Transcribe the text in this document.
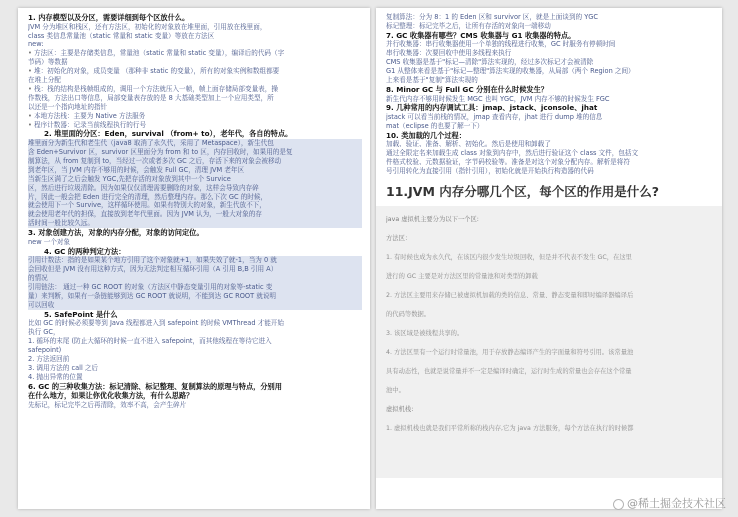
1. 内存模型以及分区，需要详细到每个区放什么。
JVM 分为堆区和栈区，还有方法区，初始化的对象放在堆里面，引用放在栈里面，
class 类信息常量池（static 常量和 static 变量）等放在方法区
new:
• 方法区：主要是存储类信息，常量池（static 常量和 static 变量），编译后的代码（字
节码）等数据
• 堆：初始化的对象，成员变量 （那种非 static 的变量），所有的对象实例和数组都要
在堆上分配
• 栈：栈的结构是栈帧组成的，调用一个方法就压入一帧，帧上面存储局部变量表，操
作数栈，方法出口等信息，局部变量表存放的是 8 大基础类型加上一个应用类型，所
以还是一个指向地址的指针
• 本地方法栈：主要为 Native 方法服务
• 程序计数器：记录当前线程执行的行号
2. 堆里面的分区：Eden，survival （from+ to），老年代，各自的特点。
堆里面分为新生代和老生代（java8 取消了永久代，采用了 Metaspace），新生代包
含 Eden+Survivor 区，survivor 区里面分为 from 和 to 区，内存回收时，如果用的是复
制算法，从 from 复制到 to，当经过一次或者多次 GC 之后，存活下来的对象会被移动
到老年区，当 JVM 内存不够用的时候，会触发 Full GC，清理 JVM 老年区
当新生区满了之后会触发 YGC,先把存活的对象放到其中一个 Survice
区，然后进行垃圾清除。因为如果仅仅清理需要删除的对象，这样会导致内存碎
片，因此一般会把 Eden 进行完全的清理，然后整理内存。那么下次 GC 的时候，
就会使用下一个 Survive，这样循环使用。如果有特别大的对象，新生代放不下，
就会使用老年代的担保，直接放到老年代里面。因为 JVM 认为，一般大对象的存
活时间一般比较久远。
3. 对象创建方法，对象的内存分配，对象的访问定位。
new 一个对象
4. GC 的两种判定方法：
引用计数法：指的是如果某个地方引用了这个对象就+1，如果失效了就-1，当为 0 就
会回收但是 JVM 没有用这种方式，因为无法判定相互循环引用（A 引用 B,B 引用 A）
的情况
引用链法： 通过一种 GC ROOT 的对象（方法区中静态变量引用的对象等-static 变
量）来判断，如果有一条链能够到达 GC ROOT 就说明，不能到达 GC ROOT 就说明
可以回收
5. SafePoint 是什么
比如 GC 的时候必须要等到 Java 线程都进入到 safepoint 的时候 VMThread 才能开始
执行 GC，
1. 循环的末尾 (防止大循环的时候一直不进入 safepoint，而其他线程在等待它进入
safepoint)
2. 方法返回前
3. 调用方法的 call 之后
4. 抛出异常的位置
6. GC 的三种收集方法：标记清除、标记整理、复制算法的原理与特点，分别用
在什么地方，如果让你优化收集方法，有什么思路？
先标记，标记完毕之后再清除，效率不高，会产生碎片
复制算法：分为 8：1 的 Eden 区和 survivor 区，就是上面谈到的 YGC
标记整理：标记完毕之后，让所有存活的对象向一端移动
7. GC 收集器有哪些？CMS 收集器与 G1 收集器的特点。
并行收集器：串行收集器使用一个单独的线程进行收集，GC 时服务有停顿时间
串行收集器：次要回收中使用多线程来执行
CMS 收集器是基于"标记—清除"算法实现的，经过多次标记才会被清除
G1 从整体来看是基于"标记—整理"算法实现的收集器，从局部（两个 Region 之间）
上来看是基于"复制"算法实现的
8. Minor GC 与 Full GC 分别在什么时候发生？
新生代内存不够用时候发生 MGC 也叫 YGC，JVM 内存不够的时候发生 FGC
9. 几种常用的内存调试工具：jmap、jstack、jconsole、jhat
jstack 可以看当前栈的情况，jmap 查看内存，jhat 进行 dump 堆的信息
mat（eclipse 的也要了解一下）
10. 类加载的几个过程：
加载、验证、准备、解析、初始化。然后是使用和卸载了
通过全限定名来加载生成 class 对象到内存中，然后进行验证这个 class 文件，包括文
件格式校验、元数据验证，字节码校验等。准备是对这个对象分配内存。解析是将符
号引用转化为直接引用（指针引用），初始化就是开始执行构造器的代码
11.JVM 内存分哪几个区，每个区的作用是什么?
java 虚拟机主要分为以下一个区:
方法区：
1. 有时候也成为永久代，在该区内很少发生垃圾回收，但是并不代表不发生 GC，在这里
进行的 GC 主要是对方法区里的常量池和对类型的卸载
2. 方法区主要用来存储已被虚拟机加载的类的信息、常量、静态变量和即时编译器编译后
的代码等数据。
3. 该区域是被线程共享的。
4. 方法区里有一个运行时常量池，用于存放静态编译产生的字面量和符号引用。该常量池
具有动态性，也就是说常量并不一定是编译时确定，运行时生成的常量也会存在这个常量
池中。
虚拟机栈:
1. 虚拟机栈也就是我们平常所称的栈内存,它为 java 方法服务，每个方法在执行的时候都
@稀土掘金技术社区
